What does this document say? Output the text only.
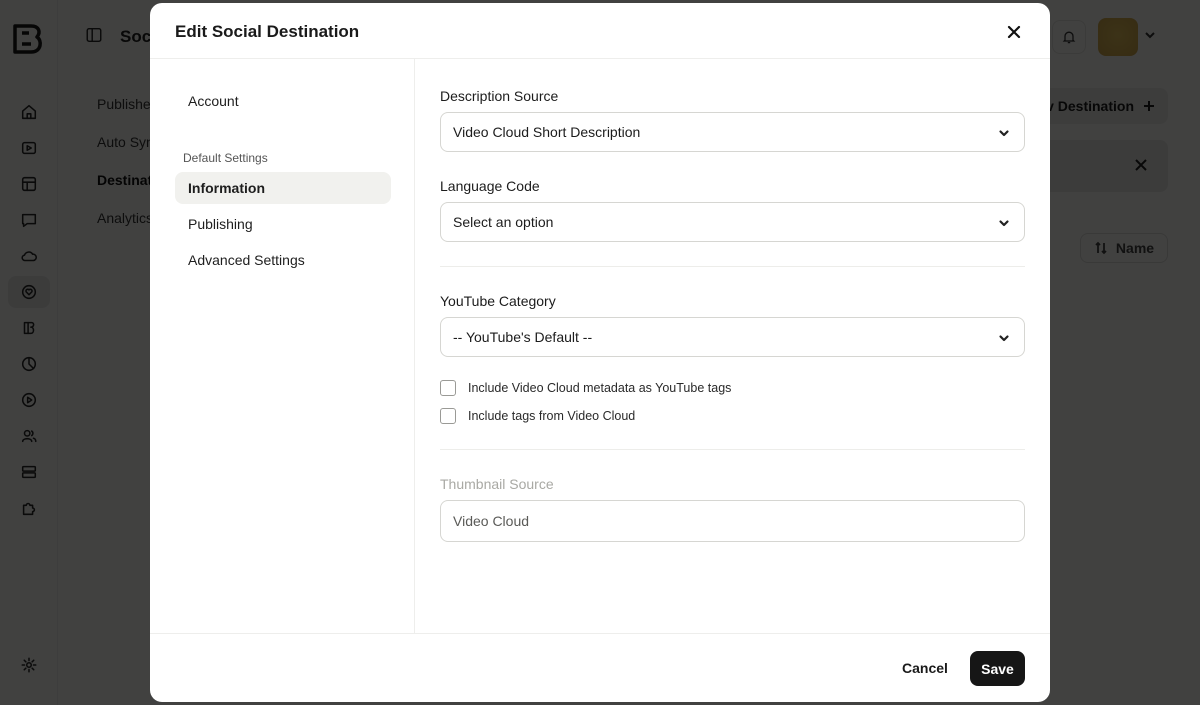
Edit Social Destination
Account
Default Settings
Information
Publishing
Advanced Settings
Description Source
Video Cloud Short Description
Language Code
Select an option
YouTube Category
-- YouTube's Default --
Include Video Cloud metadata as YouTube tags
Include tags from Video Cloud
Thumbnail Source
Video Cloud
Cancel	Save
